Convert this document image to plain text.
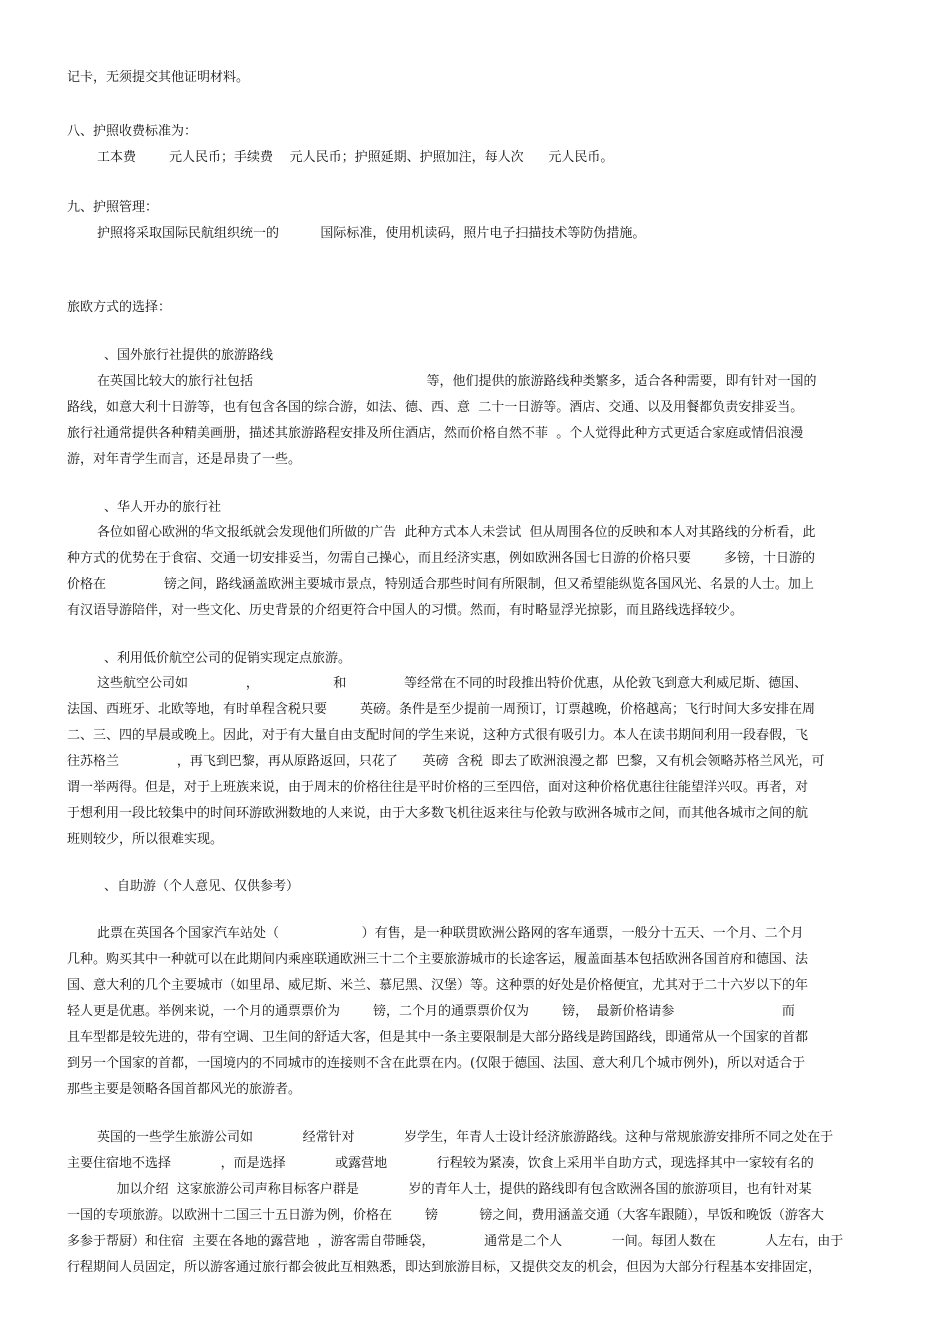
记卡，无须提交其他证明材料。
八、护照收费标准为：
工本费        元人民币；手续费    元人民币；护照延期、护照加注，每人次      元人民币。
九、护照管理：
护照将采取国际民航组织统一的          国际标准，使用机读码，照片电子扫描技术等防伪措施。
旅欧方式的选择：
、国外旅行社提供的旅游路线
在英国比较大的旅行社包括                                          等，他们提供的旅游路线种类繁多，适合各种需要，即有针对一国的
路线，如意大利十日游等，也有包含各国的综合游，如法、德、西、意  二十一日游等。酒店、交通、以及用餐都负责安排妥当。
旅行社通常提供各种精美画册，描述其旅游路程安排及所住酒店，然而价格自然不菲  。个人觉得此种方式更适合家庭或情侣浪漫
游，对年青学生而言，还是昂贵了一些。
、华人开办的旅行社
各位如留心欧洲的华文报纸就会发现他们所做的广告  此种方式本人未尝试  但从周围各位的反映和本人对其路线的分析看，此
种方式的优势在于食宿、交通一切安排妥当，勿需自己操心，而且经济实惠，例如欧洲各国七日游的价格只要        多镑，十日游的
价格在              镑之间，路线涵盖欧洲主要城市景点，特别适合那些时间有所限制，但又希望能纵览各国风光、名景的人士。加上
有汉语导游陪伴，对一些文化、历史背景的介绍更符合中国人的习惯。然而，有时略显浮光掠影，而且路线选择较少。
、利用低价航空公司的促销实现定点旅游。
这些航空公司如              ，                  和              等经常在不同的时段推出特价优惠，从伦敦飞到意大利威尼斯、德国、
法国、西班牙、北欧等地，有时单程含税只要        英磅。条件是至少提前一周预订，订票越晚，价格越高；飞行时间大多安排在周
二、三、四的早晨或晚上。因此，对于有大量自由支配时间的学生来说，这种方式很有吸引力。本人在读书期间利用一段春假，飞
往苏格兰              ，再飞到巴黎，再从原路返回，只花了      英磅  含税  即去了欧洲浪漫之都  巴黎，又有机会领略苏格兰风光，可
谓一举两得。但是，对于上班族来说，由于周末的价格往往是平时价格的三至四倍，面对这种价格优惠往往能望洋兴叹。再者，对
于想利用一段比较集中的时间环游欧洲数地的人来说，由于大多数飞机往返来往与伦敦与欧洲各城市之间，而其他各城市之间的航
班则较少，所以很难实现。
、自助游（个人意见、仅供参考）
此票在英国各个国家汽车站处（                    ）有售，是一种联贯欧洲公路网的客车通票，一般分十五天、一个月、二个月
几种。购买其中一种就可以在此期间内乘座联通欧洲三十二个主要旅游城市的长途客运，履盖面基本包括欧洲各国首府和德国、法
国、意大利的几个主要城市（如里昂、威尼斯、米兰、慕尼黑、汉堡）等。这种票的好处是价格便宜，尤其对于二十六岁以下的年
轻人更是优惠。举例来说，一个月的通票票价为        镑，二个月的通票票价仅为        镑，  最新价格请参                          而
且车型都是较先进的，带有空调、卫生间的舒适大客，但是其中一条主要限制是大部分路线是跨国路线，即通常从一个国家的首都
到另一个国家的首都，一国境内的不同城市的连接则不含在此票在内。(仅限于德国、法国、意大利几个城市例外)，所以对适合于
那些主要是领略各国首都风光的旅游者。
英国的一些学生旅游公司如            经常针对            岁学生，年青人士设计经济旅游路线。这种与常规旅游安排所不同之处在于
主要住宿地不选择            ，而是选择            或露营地            行程较为紧凑，饮食上采用半自助方式，现选择其中一家较有名的
加以介绍  这家旅游公司声称目标客户群是            岁的青年人士，提供的路线即有包含欧洲各国的旅游项目，也有针对某
一国的专项旅游。以欧洲十二国三十五日游为例，价格在        镑          镑之间，费用涵盖交通（大客车跟随），早饭和晚饭（游客大
多参于帮厨）和住宿  主要在各地的露营地  ，游客需自带睡袋，            通常是二个人            一间。每团人数在            人左右，由于
行程期间人员固定，所以游客通过旅行都会彼此互相熟悉，即达到旅游目标，又提供交友的机会，但因为大部分行程基本安排固定，
